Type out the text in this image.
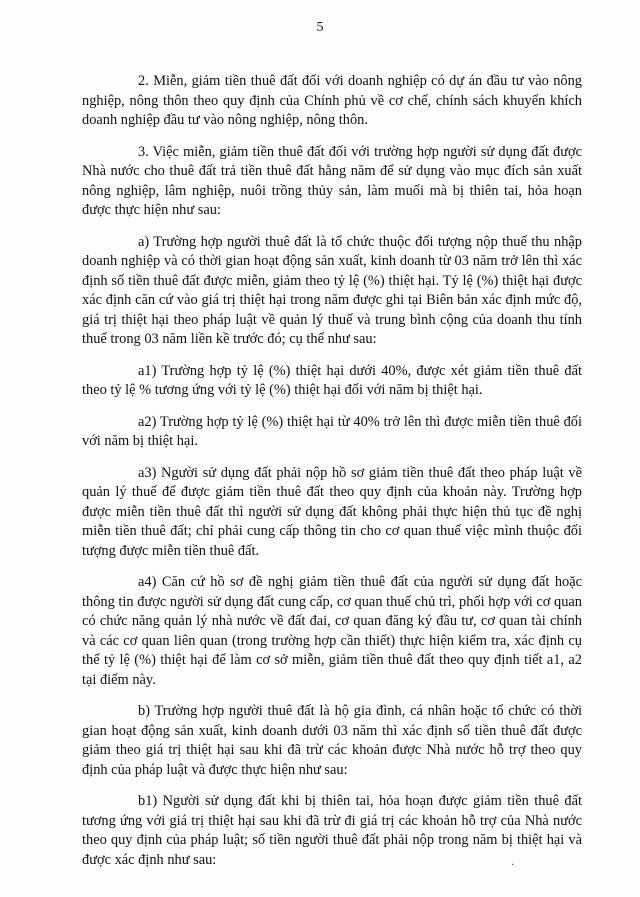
5

2. Miễn, giảm tiền thuê đất đối với doanh nghiệp có dự án đầu tư vào nông nghiệp, nông thôn theo quy định của Chính phủ về cơ chế, chính sách khuyến khích doanh nghiệp đầu tư vào nông nghiệp, nông thôn.

3. Việc miễn, giảm tiền thuê đất đối với trường hợp người sử dụng đất được Nhà nước cho thuê đất trả tiền thuê đất hằng năm để sử dụng vào mục đích sản xuất nông nghiệp, lâm nghiệp, nuôi trồng thủy sản, làm muối mà bị thiên tai, hỏa hoạn được thực hiện như sau:

a) Trường hợp người thuê đất là tổ chức thuộc đối tượng nộp thuế thu nhập doanh nghiệp và có thời gian hoạt động sản xuất, kinh doanh từ 03 năm trở lên thì xác định số tiền thuê đất được miễn, giảm theo tỷ lệ (%) thiệt hại. Tỷ lệ (%) thiệt hại được xác định căn cứ vào giá trị thiệt hại trong năm được ghi tại Biên bản xác định mức độ, giá trị thiệt hại theo pháp luật về quản lý thuế và trung bình cộng của doanh thu tính thuế trong 03 năm liền kề trước đó; cụ thể như sau:

a1) Trường hợp tỷ lệ (%) thiệt hại dưới 40%, được xét giảm tiền thuê đất theo tỷ lệ % tương ứng với tỷ lệ (%) thiệt hại đối với năm bị thiệt hại.

a2) Trường hợp tỷ lệ (%) thiệt hại từ 40% trở lên thì được miễn tiền thuê đối với năm bị thiệt hại.

a3) Người sử dụng đất phải nộp hồ sơ giảm tiền thuê đất theo pháp luật về quản lý thuế để được giảm tiền thuê đất theo quy định của khoản này. Trường hợp được miễn tiền thuê đất thì người sử dụng đất không phải thực hiện thủ tục đề nghị miễn tiền thuê đất; chỉ phải cung cấp thông tin cho cơ quan thuế việc mình thuộc đối tượng được miễn tiền thuê đất.

a4) Căn cứ hồ sơ đề nghị giảm tiền thuê đất của người sử dụng đất hoặc thông tin được người sử dụng đất cung cấp, cơ quan thuế chủ trì, phối hợp với cơ quan có chức năng quản lý nhà nước về đất đai, cơ quan đăng ký đầu tư, cơ quan tài chính và các cơ quan liên quan (trong trường hợp cần thiết) thực hiện kiểm tra, xác định cụ thể tỷ lệ (%) thiệt hại để làm cơ sở miễn, giảm tiền thuê đất theo quy định tiết a1, a2 tại điểm này.

b) Trường hợp người thuê đất là hộ gia đình, cá nhân hoặc tổ chức có thời gian hoạt động sản xuất, kinh doanh dưới 03 năm thì xác định số tiền thuê đất được giảm theo giá trị thiệt hại sau khi đã trừ các khoản được Nhà nước hỗ trợ theo quy định của pháp luật và được thực hiện như sau:

b1) Người sử dụng đất khi bị thiên tai, hỏa hoạn được giảm tiền thuê đất tương ứng với giá trị thiệt hại sau khi đã trừ đi giá trị các khoản hỗ trợ của Nhà nước theo quy định của pháp luật; số tiền người thuê đất phải nộp trong năm bị thiệt hại và được xác định như sau:	·
